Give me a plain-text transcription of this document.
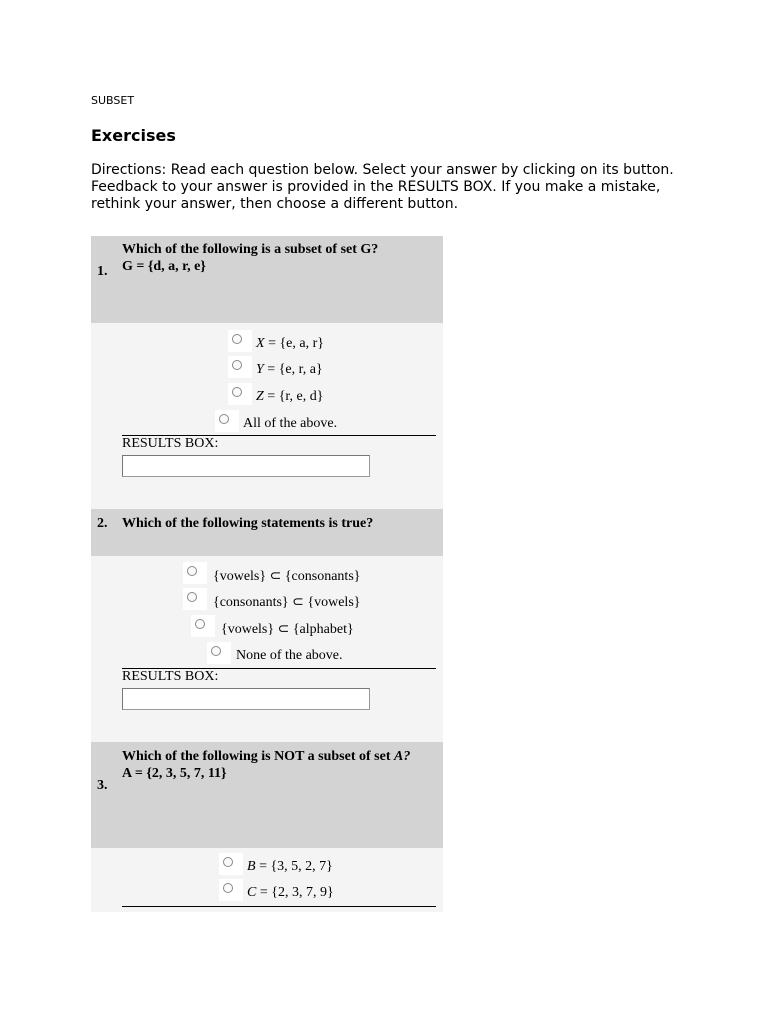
SUBSET
Exercises

Directions: Read each question below. Select your answer by clicking on its button. Feedback to your answer is provided in the RESULTS BOX. If you make a mistake, rethink your answer, then choose a different button.

1.
Which of the following is a subset of set G?
G = {d, a, r, e}
X = {e, a, r}
Y = {e, r, a}
Z = {r, e, d}
All of the above.
RESULTS BOX:
2. Which of the following statements is true?
{vowels} ⊂ {consonants}
{consonants} ⊂ {vowels}
{vowels} ⊂ {alphabet}
None of the above.
RESULTS BOX:
3.
Which of the following is NOT a subset of set A?
A = {2, 3, 5, 7, 11}
B = {3, 5, 2, 7}
C = {2, 3, 7, 9}
